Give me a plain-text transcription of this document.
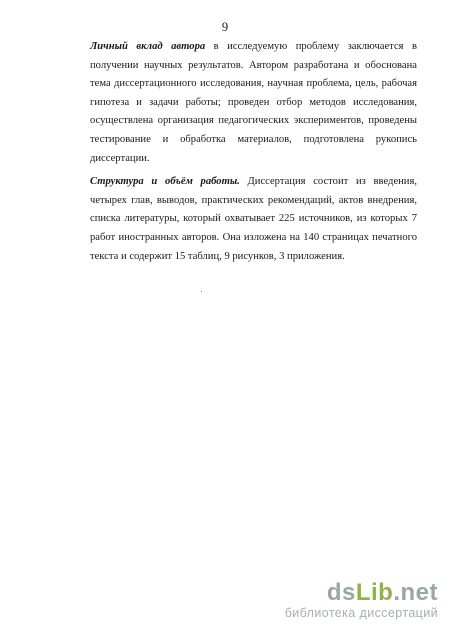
9

Личный вклад автора в исследуемую проблему заключается в получении научных результатов. Автором разработана и обоснована тема диссертационного исследования, научная проблема, цель, рабочая гипотеза и задачи работы; проведен отбор методов исследования, осуществлена организация педагогических экспериментов, проведены тестирование и обработка материалов, подготовлена рукопись диссертации.

Структура и объём работы. Диссертация состоит из введения, четырех глав, выводов, практических рекомендаций, актов внедрения, списка литературы, который охватывает 225 источников, из которых 7 работ иностранных авторов. Она изложена на 140 страницах печатного текста и содержит 15 таблиц, 9 рисунков, 3 приложения.

dsLib.net
библиотека диссертаций
